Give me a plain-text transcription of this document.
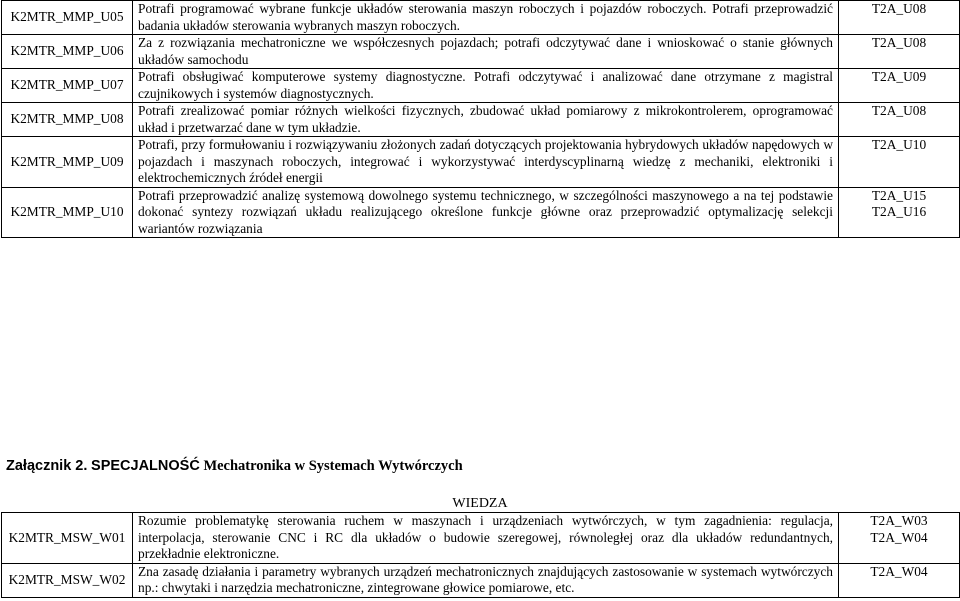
K2MTR_MMP_U05	Potrafi programować wybrane funkcje układów sterowania maszyn roboczych i pojazdów roboczych. Potrafi przeprowadzić badania układów sterowania wybranych maszyn roboczych.	T2A_U08

K2MTR_MMP_U06	Za z rozwiązania mechatroniczne we współczesnych pojazdach; potrafi odczytywać dane i wnioskować o stanie głównych układów samochodu	T2A_U08

K2MTR_MMP_U07	Potrafi obsługiwać komputerowe systemy diagnostyczne. Potrafi odczytywać i analizować dane otrzymane z magistral czujnikowych i systemów diagnostycznych.	T2A_U09

K2MTR_MMP_U08	Potrafi zrealizować pomiar różnych wielkości fizycznych, zbudować układ pomiarowy z mikrokontrolerem, oprogramować układ i przetwarzać dane w tym układzie.	T2A_U08

K2MTR_MMP_U09	Potrafi, przy formułowaniu i rozwiązywaniu złożonych zadań dotyczących projektowania hybrydowych układów napędowych w pojazdach i maszynach roboczych, integrować i wykorzystywać interdyscyplinarną wiedzę z mechaniki, elektroniki i elektrochemicznych źródeł energii	T2A_U10

K2MTR_MMP_U10	Potrafi przeprowadzić analizę systemową dowolnego systemu technicznego, w szczególności maszynowego a na tej podstawie dokonać syntezy rozwiązań układu realizującego określone funkcje główne oraz przeprowadzić optymalizację selekcji wariantów rozwiązania	T2A_U15
T2A_U16
Załącznik 2. SPECJALNOŚĆ Mechatronika w Systemach Wytwórczych
WIEDZA
K2MTR_MSW_W01	Rozumie problematykę sterowania ruchem w maszynach i urządzeniach wytwórczych, w tym zagadnienia: regulacja, interpolacja, sterowanie CNC i RC dla układów o budowie szeregowej, równoległej oraz dla układów redundantnych, przekładnie elektroniczne.	T2A_W03
T2A_W04

K2MTR_MSW_W02	Zna zasadę działania i parametry wybranych urządzeń mechatronicznych znajdujących zastosowanie w systemach wytwórczych np.: chwytaki i narzędzia mechatroniczne, zintegrowane głowice pomiarowe, etc.	T2A_W04
